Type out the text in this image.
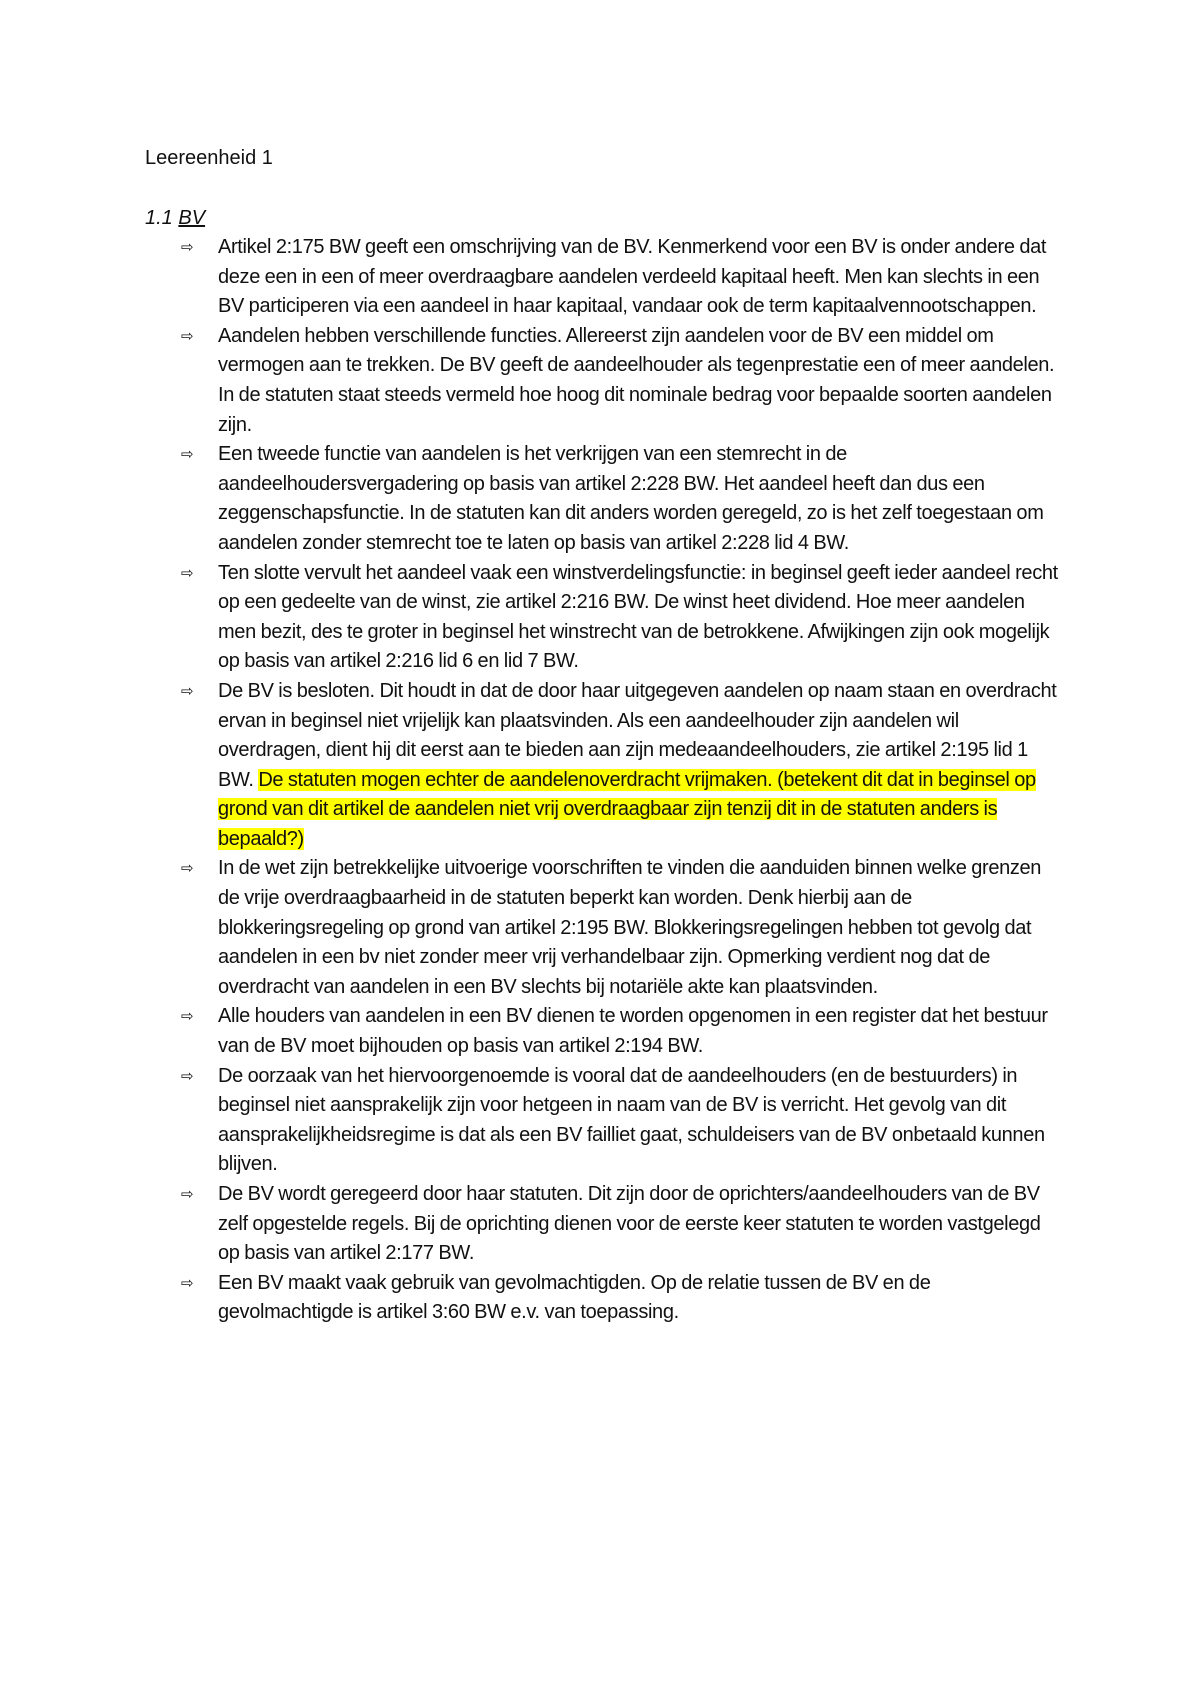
Leereenheid 1
1.1 BV
⇨ Artikel 2:175 BW geeft een omschrijving van de BV. Kenmerkend voor een BV is onder andere dat deze een in een of meer overdraagbare aandelen verdeeld kapitaal heeft. Men kan slechts in een BV participeren via een aandeel in haar kapitaal, vandaar ook de term kapitaalvennootschappen.
⇨ Aandelen hebben verschillende functies. Allereerst zijn aandelen voor de BV een middel om vermogen aan te trekken. De BV geeft de aandeelhouder als tegenprestatie een of meer aandelen. In de statuten staat steeds vermeld hoe hoog dit nominale bedrag voor bepaalde soorten aandelen zijn.
⇨ Een tweede functie van aandelen is het verkrijgen van een stemrecht in de aandeelhoudersvergadering op basis van artikel 2:228 BW. Het aandeel heeft dan dus een zeggenschapsfunctie. In de statuten kan dit anders worden geregeld, zo is het zelf toegestaan om aandelen zonder stemrecht toe te laten op basis van artikel 2:228 lid 4 BW.
⇨ Ten slotte vervult het aandeel vaak een winstverdelingsfunctie: in beginsel geeft ieder aandeel recht op een gedeelte van de winst, zie artikel 2:216 BW. De winst heet dividend. Hoe meer aandelen men bezit, des te groter in beginsel het winstrecht van de betrokkene. Afwijkingen zijn ook mogelijk op basis van artikel 2:216 lid 6 en lid 7 BW.
⇨ De BV is besloten. Dit houdt in dat de door haar uitgegeven aandelen op naam staan en overdracht ervan in beginsel niet vrijelijk kan plaatsvinden. Als een aandeelhouder zijn aandelen wil overdragen, dient hij dit eerst aan te bieden aan zijn medeaandeelhouders, zie artikel 2:195 lid 1 BW. De statuten mogen echter de aandelenoverdracht vrijmaken. (betekent dit dat in beginsel op grond van dit artikel de aandelen niet vrij overdraagbaar zijn tenzij dit in de statuten anders is bepaald?)
⇨ In de wet zijn betrekkelijke uitvoerige voorschriften te vinden die aanduiden binnen welke grenzen de vrije overdraagbaarheid in de statuten beperkt kan worden. Denk hierbij aan de blokkeringsregeling op grond van artikel 2:195 BW. Blokkeringsregelingen hebben tot gevolg dat aandelen in een bv niet zonder meer vrij verhandelbaar zijn. Opmerking verdient nog dat de overdracht van aandelen in een BV slechts bij notariële akte kan plaatsvinden.
⇨ Alle houders van aandelen in een BV dienen te worden opgenomen in een register dat het bestuur van de BV moet bijhouden op basis van artikel 2:194 BW.
⇨ De oorzaak van het hiervoorgenoemde is vooral dat de aandeelhouders (en de bestuurders) in beginsel niet aansprakelijk zijn voor hetgeen in naam van de BV is verricht. Het gevolg van dit aansprakelijkheidsregime is dat als een BV failliet gaat, schuldeisers van de BV onbetaald kunnen blijven.
⇨ De BV wordt geregeerd door haar statuten. Dit zijn door de oprichters/aandeelhouders van de BV zelf opgestelde regels. Bij de oprichting dienen voor de eerste keer statuten te worden vastgelegd op basis van artikel 2:177 BW.
⇨ Een BV maakt vaak gebruik van gevolmachtigden. Op de relatie tussen de BV en de gevolmachtigde is artikel 3:60 BW e.v. van toepassing.
